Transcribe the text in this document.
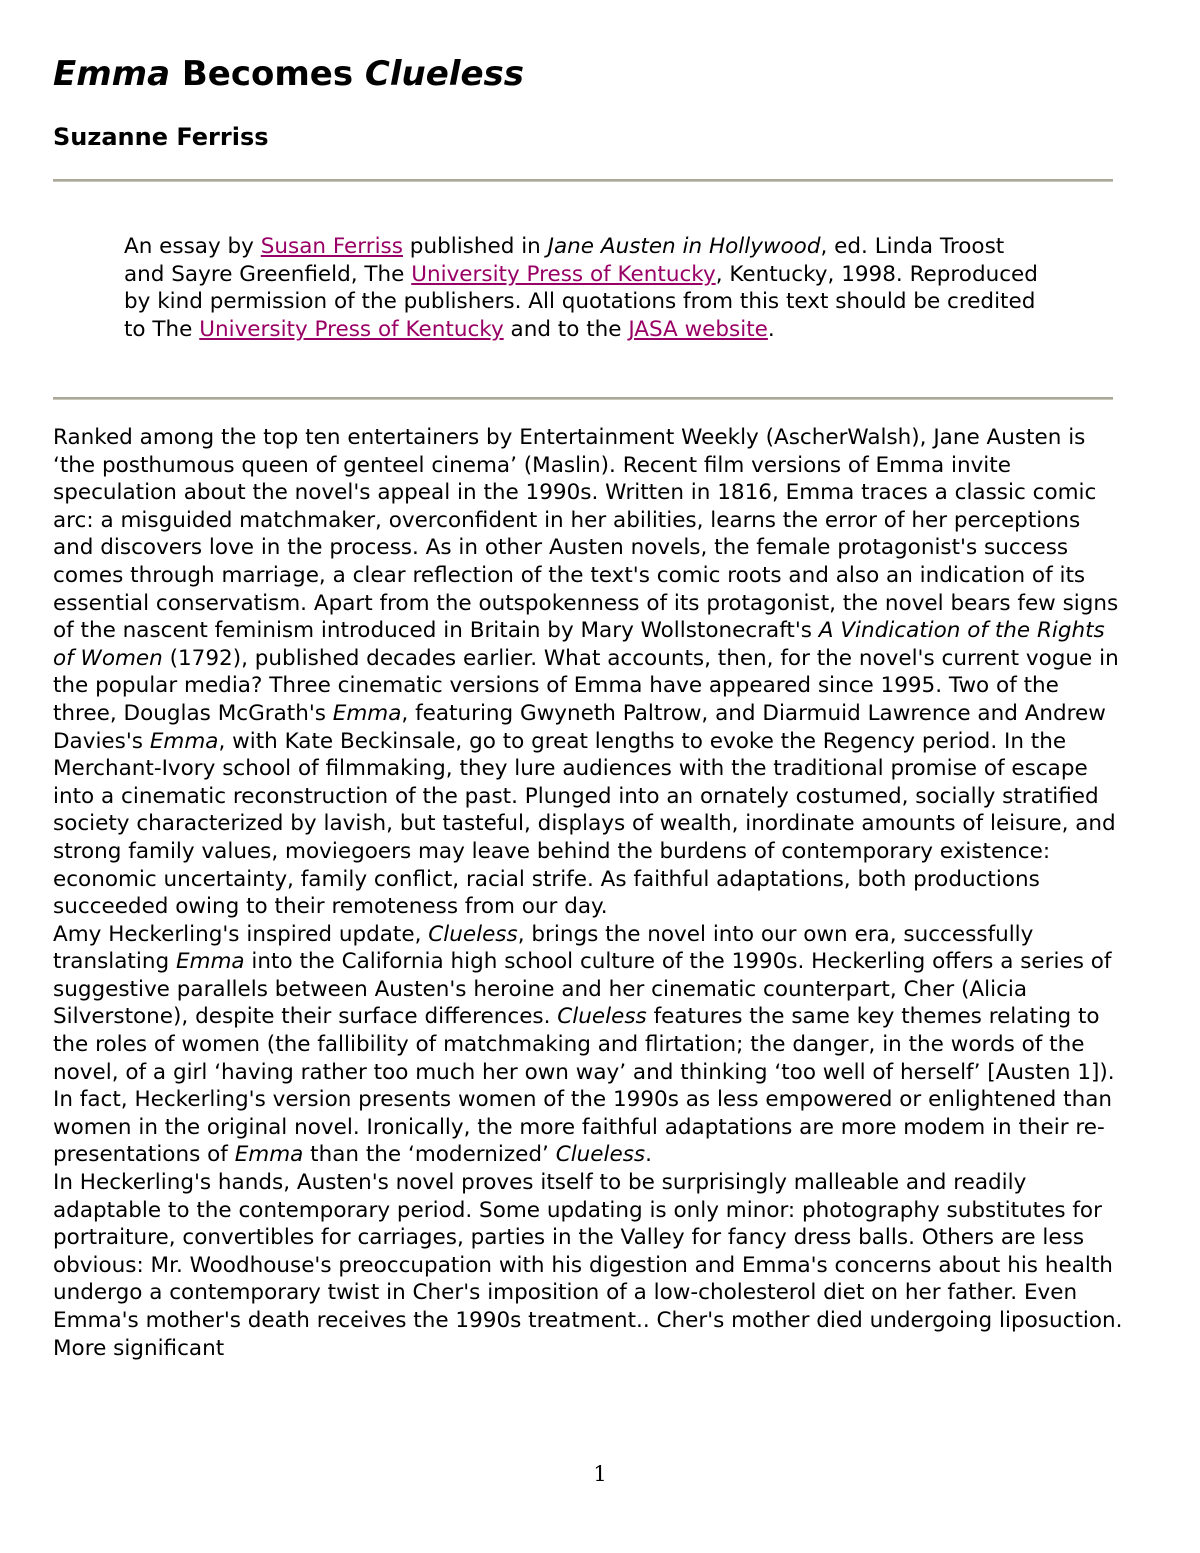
Emma Becomes Clueless
Suzanne Ferriss

An essay by Susan Ferriss published in Jane Austen in Hollywood, ed. Linda Troost and Sayre Greenfield, The University Press of Kentucky, Kentucky, 1998. Reproduced by kind permission of the publishers. All quotations from this text should be credited to The University Press of Kentucky and to the JASA website.

Ranked among the top ten entertainers by Entertainment Weekly (AscherWalsh), Jane Austen is ‘the posthumous queen of genteel cinema’ (Maslin). Recent film versions of Emma invite speculation about the novel's appeal in the 1990s. Written in 1816, Emma traces a classic comic arc: a misguided matchmaker, overconfident in her abilities, learns the error of her perceptions and discovers love in the process. As in other Austen novels, the female protagonist's success comes through marriage, a clear reflection of the text's comic roots and also an indication of its essential conservatism. Apart from the outspokenness of its protagonist, the novel bears few signs of the nascent feminism introduced in Britain by Mary Wollstonecraft's A Vindication of the Rights of Women (1792), published decades earlier. What accounts, then, for the novel's current vogue in the popular media? Three cinematic versions of Emma have appeared since 1995. Two of the three, Douglas McGrath's Emma, featuring Gwyneth Paltrow, and Diarmuid Lawrence and Andrew Davies's Emma, with Kate Beckinsale, go to great lengths to evoke the Regency period. In the Merchant-Ivory school of filmmaking, they lure audiences with the traditional promise of escape into a cinematic reconstruction of the past. Plunged into an ornately costumed, socially stratified society characterized by lavish, but tasteful, displays of wealth, inordinate amounts of leisure, and strong family values, moviegoers may leave behind the burdens of contemporary existence: economic uncertainty, family conflict, racial strife. As faithful adaptations, both productions succeeded owing to their remoteness from our day.

Amy Heckerling's inspired update, Clueless, brings the novel into our own era, successfully translating Emma into the California high school culture of the 1990s. Heckerling offers a series of suggestive parallels between Austen's heroine and her cinematic counterpart, Cher (Alicia Silverstone), despite their surface differences. Clueless features the same key themes relating to the roles of women (the fallibility of matchmaking and flirtation; the danger, in the words of the novel, of a girl ‘having rather too much her own way’ and thinking ‘too well of herself’ [Austen 1]). In fact, Heckerling's version presents women of the 1990s as less empowered or enlightened than women in the original novel. Ironically, the more faithful adaptations are more modem in their re-presentations of Emma than the ‘modernized’ Clueless.

In Heckerling's hands, Austen's novel proves itself to be surprisingly malleable and readily adaptable to the contemporary period. Some updating is only minor: photography substitutes for portraiture, convertibles for carriages, parties in the Valley for fancy dress balls. Others are less obvious: Mr. Woodhouse's preoccupation with his digestion and Emma's concerns about his health undergo a contemporary twist in Cher's imposition of a low-cholesterol diet on her father. Even Emma's mother's death receives the 1990s treatment.. Cher's mother died undergoing liposuction. More significant

1
